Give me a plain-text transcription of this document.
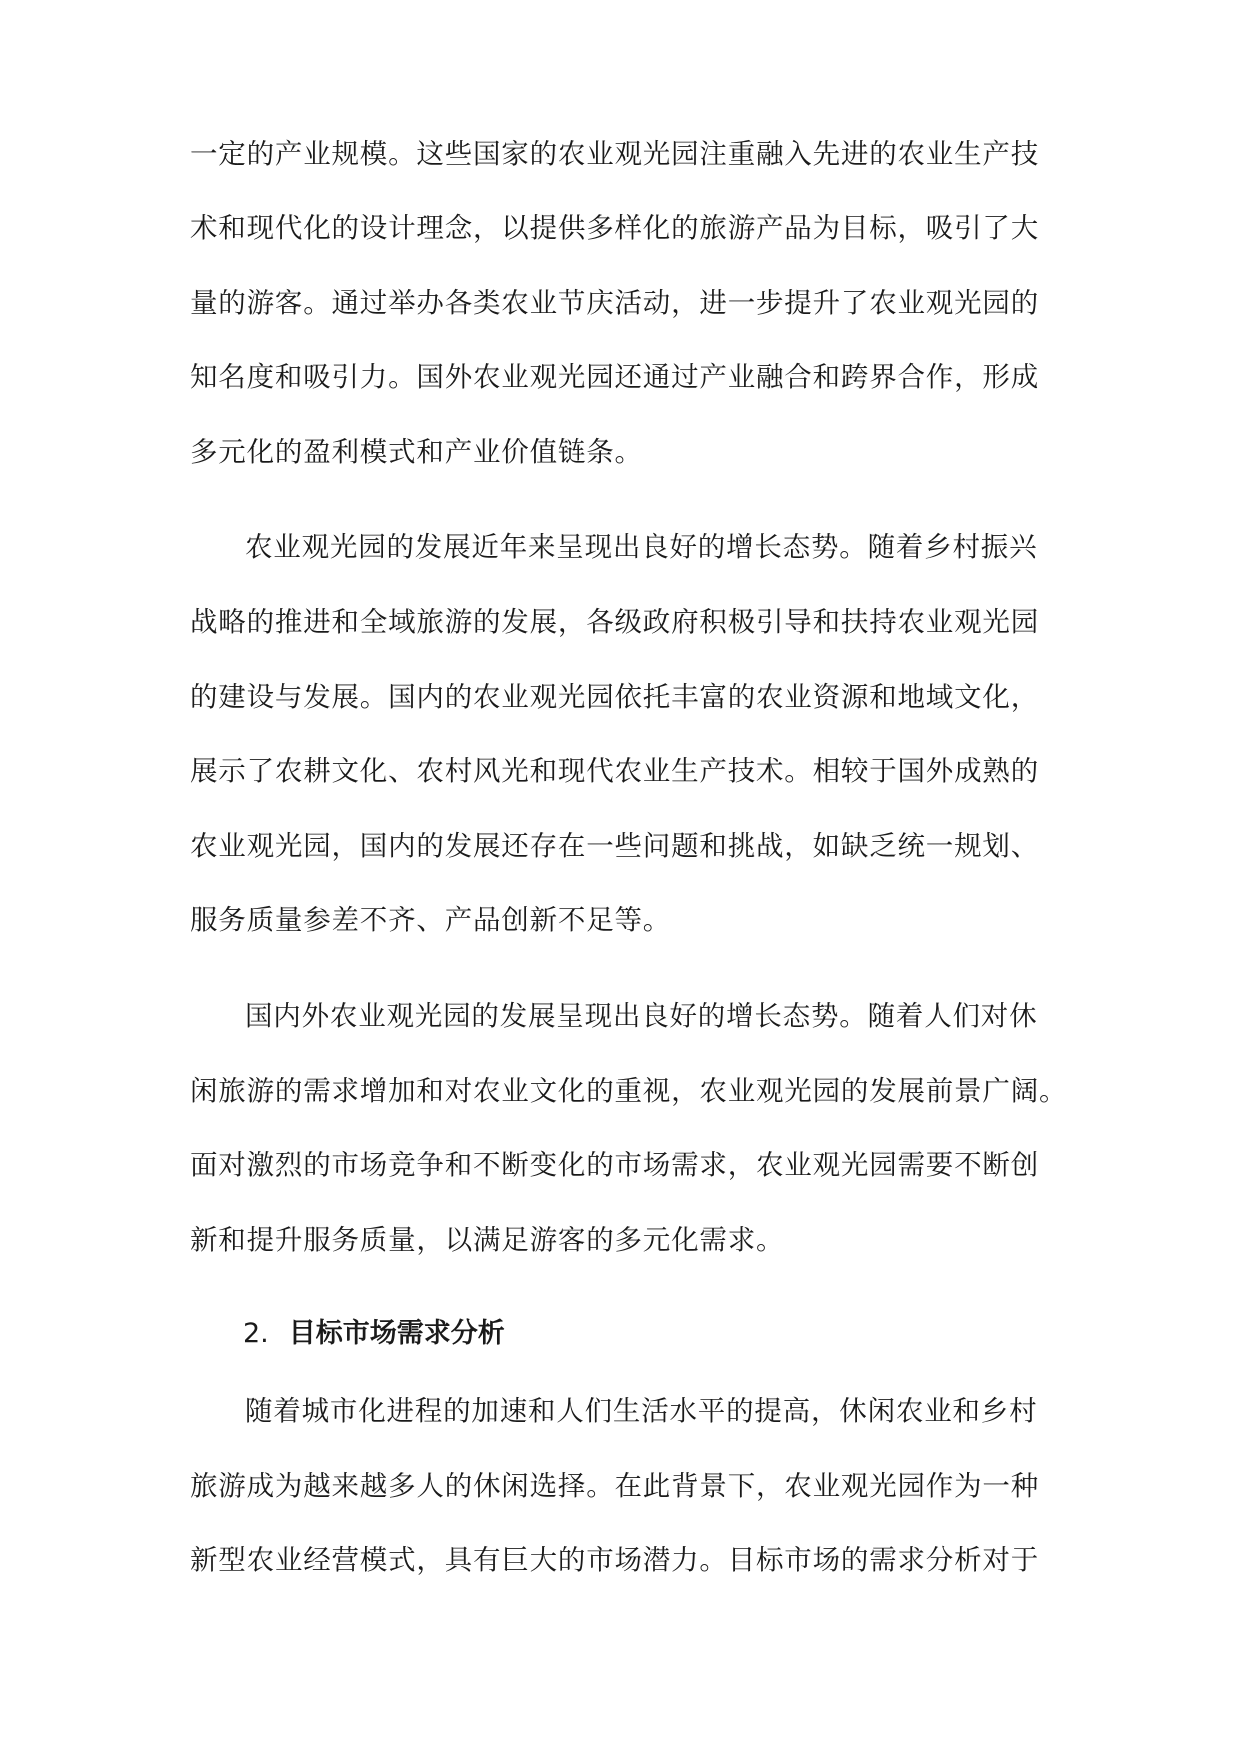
一定的产业规模。这些国家的农业观光园注重融入先进的农业生产技
术和现代化的设计理念，以提供多样化的旅游产品为目标，吸引了大
量的游客。通过举办各类农业节庆活动，进一步提升了农业观光园的
知名度和吸引力。国外农业观光园还通过产业融合和跨界合作，形成
多元化的盈利模式和产业价值链条。
农业观光园的发展近年来呈现出良好的增长态势。随着乡村振兴
战略的推进和全域旅游的发展，各级政府积极引导和扶持农业观光园
的建设与发展。国内的农业观光园依托丰富的农业资源和地域文化，
展示了农耕文化、农村风光和现代农业生产技术。相较于国外成熟的
农业观光园，国内的发展还存在一些问题和挑战，如缺乏统一规划、
服务质量参差不齐、产品创新不足等。
国内外农业观光园的发展呈现出良好的增长态势。随着人们对休
闲旅游的需求增加和对农业文化的重视，农业观光园的发展前景广阔。
面对激烈的市场竞争和不断变化的市场需求，农业观光园需要不断创
新和提升服务质量，以满足游客的多元化需求。
2. 目标市场需求分析
随着城市化进程的加速和人们生活水平的提高，休闲农业和乡村
旅游成为越来越多人的休闲选择。在此背景下，农业观光园作为一种
新型农业经营模式，具有巨大的市场潜力。目标市场的需求分析对于
